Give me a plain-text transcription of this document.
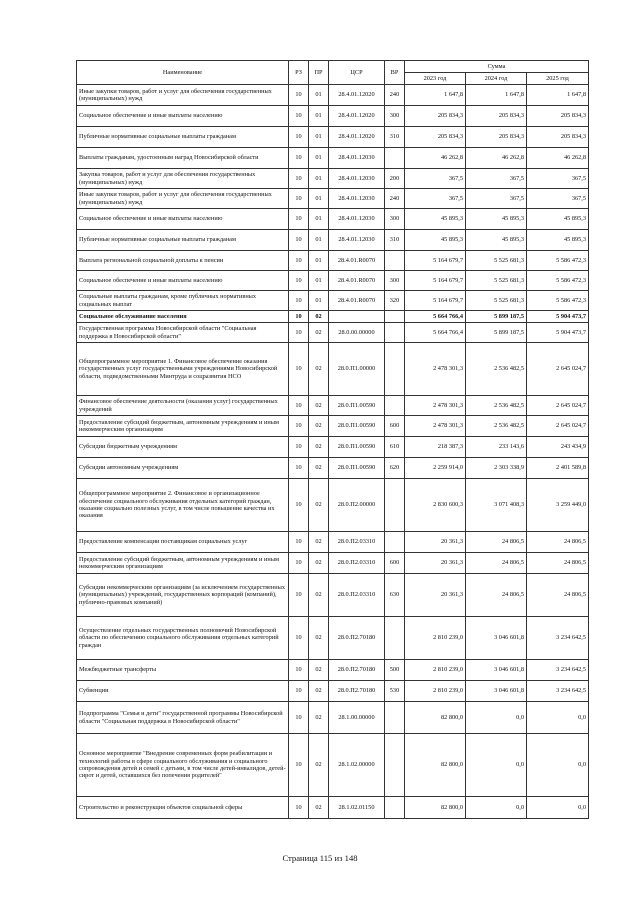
Наименование	РЗ	ПР	ЦСР	ВР	Сумма		
					2023 год	2024 год	2025 год
Иные закупки товаров, работ и услуг для обеспечения государственных (муниципальных) нужд	10	01	28.4.01.12020	240	1 647,8	1 647,8	1 647,8
Социальное обеспечение и иные выплаты населению	10	01	28.4.01.12020	300	205 834,3	205 834,3	205 834,3
Публичные нормативные социальные выплаты гражданам	10	01	28.4.01.12020	310	205 834,3	205 834,3	205 834,3
Выплаты гражданам, удостоенным наград Новосибирской области	10	01	28.4.01.12030		46 262,8	46 262,8	46 262,8
Закупка товаров, работ и услуг для обеспечения государственных (муниципальных) нужд	10	01	28.4.01.12030	200	367,5	367,5	367,5
Иные закупки товаров, работ и услуг для обеспечения государственных (муниципальных) нужд	10	01	28.4.01.12030	240	367,5	367,5	367,5
Социальное обеспечение и иные выплаты населению	10	01	28.4.01.12030	300	45 895,3	45 895,3	45 895,3
Публичные нормативные социальные выплаты гражданам	10	01	28.4.01.12030	310	45 895,3	45 895,3	45 895,3
Выплата региональной социальной доплаты к пенсии	10	01	28.4.01.R0070		5 164 679,7	5 525 681,3	5 586 472,3
Социальное обеспечение и иные выплаты населению	10	01	28.4.01.R0070	300	5 164 679,7	5 525 681,3	5 586 472,3
Социальные выплаты гражданам, кроме публичных нормативных социальных выплат	10	01	28.4.01.R0070	320	5 164 679,7	5 525 681,3	5 586 472,3
Социальное обслуживание населения	10	02			5 664 766,4	5 899 187,5	5 904 473,7
Государственная программа Новосибирской области "Социальная поддержка в Новосибирской области"	10	02	28.0.00.00000		5 664 766,4	5 899 187,5	5 904 473,7
Общепрограммное мероприятие 1. Финансовое обеспечение оказания государственных услуг государственными учреждениями Новосибирской области, подведомственными Минтруда и соцразвития НСО	10	02	28.0.П1.00000		2 478 301,3	2 536 482,5	2 645 024,7
Финансовое обеспечение деятельности (оказания услуг) государственных учреждений	10	02	28.0.П1.00590		2 478 301,3	2 536 482,5	2 645 024,7
Предоставление субсидий бюджетным, автономным учреждениям и иным некоммерческим организациям	10	02	28.0.П1.00590	600	2 478 301,3	2 536 482,5	2 645 024,7
Субсидии бюджетным учреждениям	10	02	28.0.П1.00590	610	218 387,3	233 143,6	243 434,9
Субсидии автономным учреждениям	10	02	28.0.П1.00590	620	2 259 914,0	2 303 338,9	2 401 589,8
Общепрограммное мероприятие 2. Финансовое и организационное обеспечение социального обслуживания отдельных категорий граждан, оказание социально полезных услуг, в том числе повышение качества их оказания	10	02	28.0.П2.00000		2 830 600,3	3 071 408,3	3 259 449,0
Предоставление компенсации поставщикам социальных услуг	10	02	28.0.П2.03310		20 361,3	24 806,5	24 806,5
Предоставление субсидий бюджетным, автономным учреждениям и иным некоммерческим организациям	10	02	28.0.П2.03310	600	20 361,3	24 806,5	24 806,5
Субсидии некоммерческим организациям (за исключением государственных (муниципальных) учреждений, государственных корпораций (компаний), публично-правовых компаний)	10	02	28.0.П2.03310	630	20 361,3	24 806,5	24 806,5
Осуществление отдельных государственных полномочий Новосибирской области по обеспечению социального обслуживания отдельных категорий граждан	10	02	28.0.П2.70180		2 810 239,0	3 046 601,8	3 234 642,5
Межбюджетные трансферты	10	02	28.0.П2.70180	500	2 810 239,0	3 046 601,8	3 234 642,5
Субвенции	10	02	28.0.П2.70180	530	2 810 239,0	3 046 601,8	3 234 642,5
Подпрограмма "Семья и дети" государственной программы Новосибирской области "Социальная поддержка в Новосибирской области"	10	02	28.1.00.00000		82 800,0	0,0	0,0
Основное мероприятие "Внедрение современных форм реабилитации и технологий работы в сфере социального обслуживания и социального сопровождения детей и семей с детьми, в том числе детей-инвалидов, детей-сирот и детей, оставшихся без попечения родителей"	10	02	28.1.02.00000		82 800,0	0,0	0,0
Строительство и реконструкция объектов социальной сферы	10	02	28.1.02.01150		82 800,0	0,0	0,0
Страница 115 из 148
